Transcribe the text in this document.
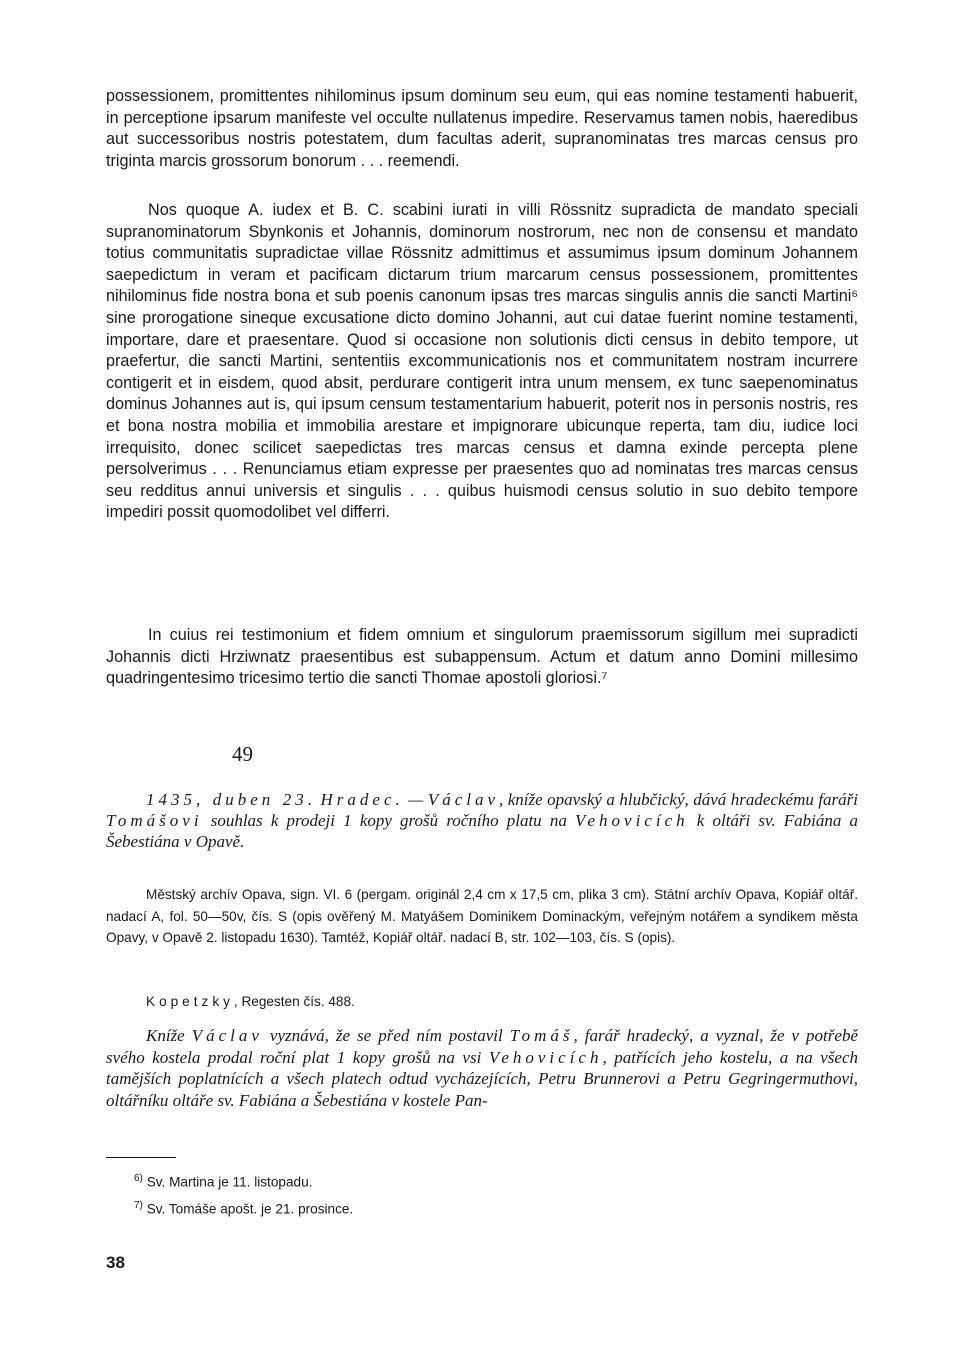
possessionem, promittentes nihilominus ipsum dominum seu eum, qui eas nomine testamenti habuerit, in perceptione ipsarum manifeste vel occulte nullatenus impedire. Reservamus tamen nobis, haeredibus aut successoribus nostris potestatem, dum facultas aderit, supranominatas tres marcas census pro triginta marcis grossorum bonorum . . . reemendi.

Nos quoque A. iudex et B. C. scabini iurati in villi Rössnitz supradicta de mandato speciali supranominatorum Sbynkonis et Johannis, dominorum nostrorum, nec non de consensu et mandato totius communitatis supradictae villae Rössnitz admittimus et assumimus ipsum dominum Johannem saepedictum in veram et pacificam dictarum trium marcarum census possessionem, promittentes nihilominus fide nostra bona et sub poenis canonum ipsas tres marcas singulis annis die sancti Martini⁶ sine prorogatione sineque excusatione dicto domino Johanni, aut cui datae fuerint nomine testamenti, importare, dare et praesentare. Quod si occasione non solutionis dicti census in debito tempore, ut praefertur, die sancti Martini, sententiis excommunicationis nos et communitatem nostram incurrere contigerit et in eisdem, quod absit, perdurare contigerit intra unum mensem, ex tunc saepenominatus dominus Johannes aut is, qui ipsum censum testamentarium habuerit, poterit nos in personis nostris, res et bona nostra mobilia et immobilia arestare et impignorare ubicunque reperta, tam diu, iudice loci irrequisito, donec scilicet saepedictas tres marcas census et damna exinde percepta plene persolverimus . . . Renunciamus etiam expresse per praesentes quo ad nominatas tres marcas census seu redditus annui universis et singulis . . . quibus huismodi census solutio in suo debito tempore impediri possit quomodolibet vel differri.

In cuius rei testimonium et fidem omnium et singulorum praemissorum sigillum mei supradicti Johannis dicti Hrziwnatz praesentibus est subappensum. Actum et datum anno Domini millesimo quadringentesimo tricesimo tertio die sancti Thomae apostoli gloriosi.⁷

49

1435, duben 23. Hradec. — Václav, kníže opavský a hlubčický, dává hradeckému faráři Tomášovi souhlas k prodeji 1 kopy grošů ročního platu na Vehovicích k oltáři sv. Fabiána a Šebestiána v Opavě.

Městský archív Opava, sign. VI. 6 (pergam. originál 2,4 cm x 17,5 cm, plika 3 cm). Státní archív Opava, Kopiář oltář. nadací A, fol. 50—50v, čís. S (opis ověřený M. Matyášem Dominikem Dominackým, veřejným notářem a syndikem města Opavy, v Opavě 2. listopadu 1630). Tamtéž, Kopiář oltář. nadací B, str. 102—103, čís. S (opis).

Kopetzky, Regesten čís. 488.

Kníže Václav vyznává, že se před ním postavil Tomáš, farář hradecký, a vyznal, že v potřebě svého kostela prodal roční plat 1 kopy grošů na vsi Vehovicích, patřících jeho kostelu, a na všech tamějších poplatnících a všech platech odtud vycházejících, Petru Brunnerovi a Petru Gegringermuthovi, oltářníku oltáře sv. Fabiána a Šebestiána v kostele Pan-

$^{6)}$ Sv. Martina je 11. listopadu.

$^{7)}$ Sv. Tomáše apošt. je 21. prosince.

38
